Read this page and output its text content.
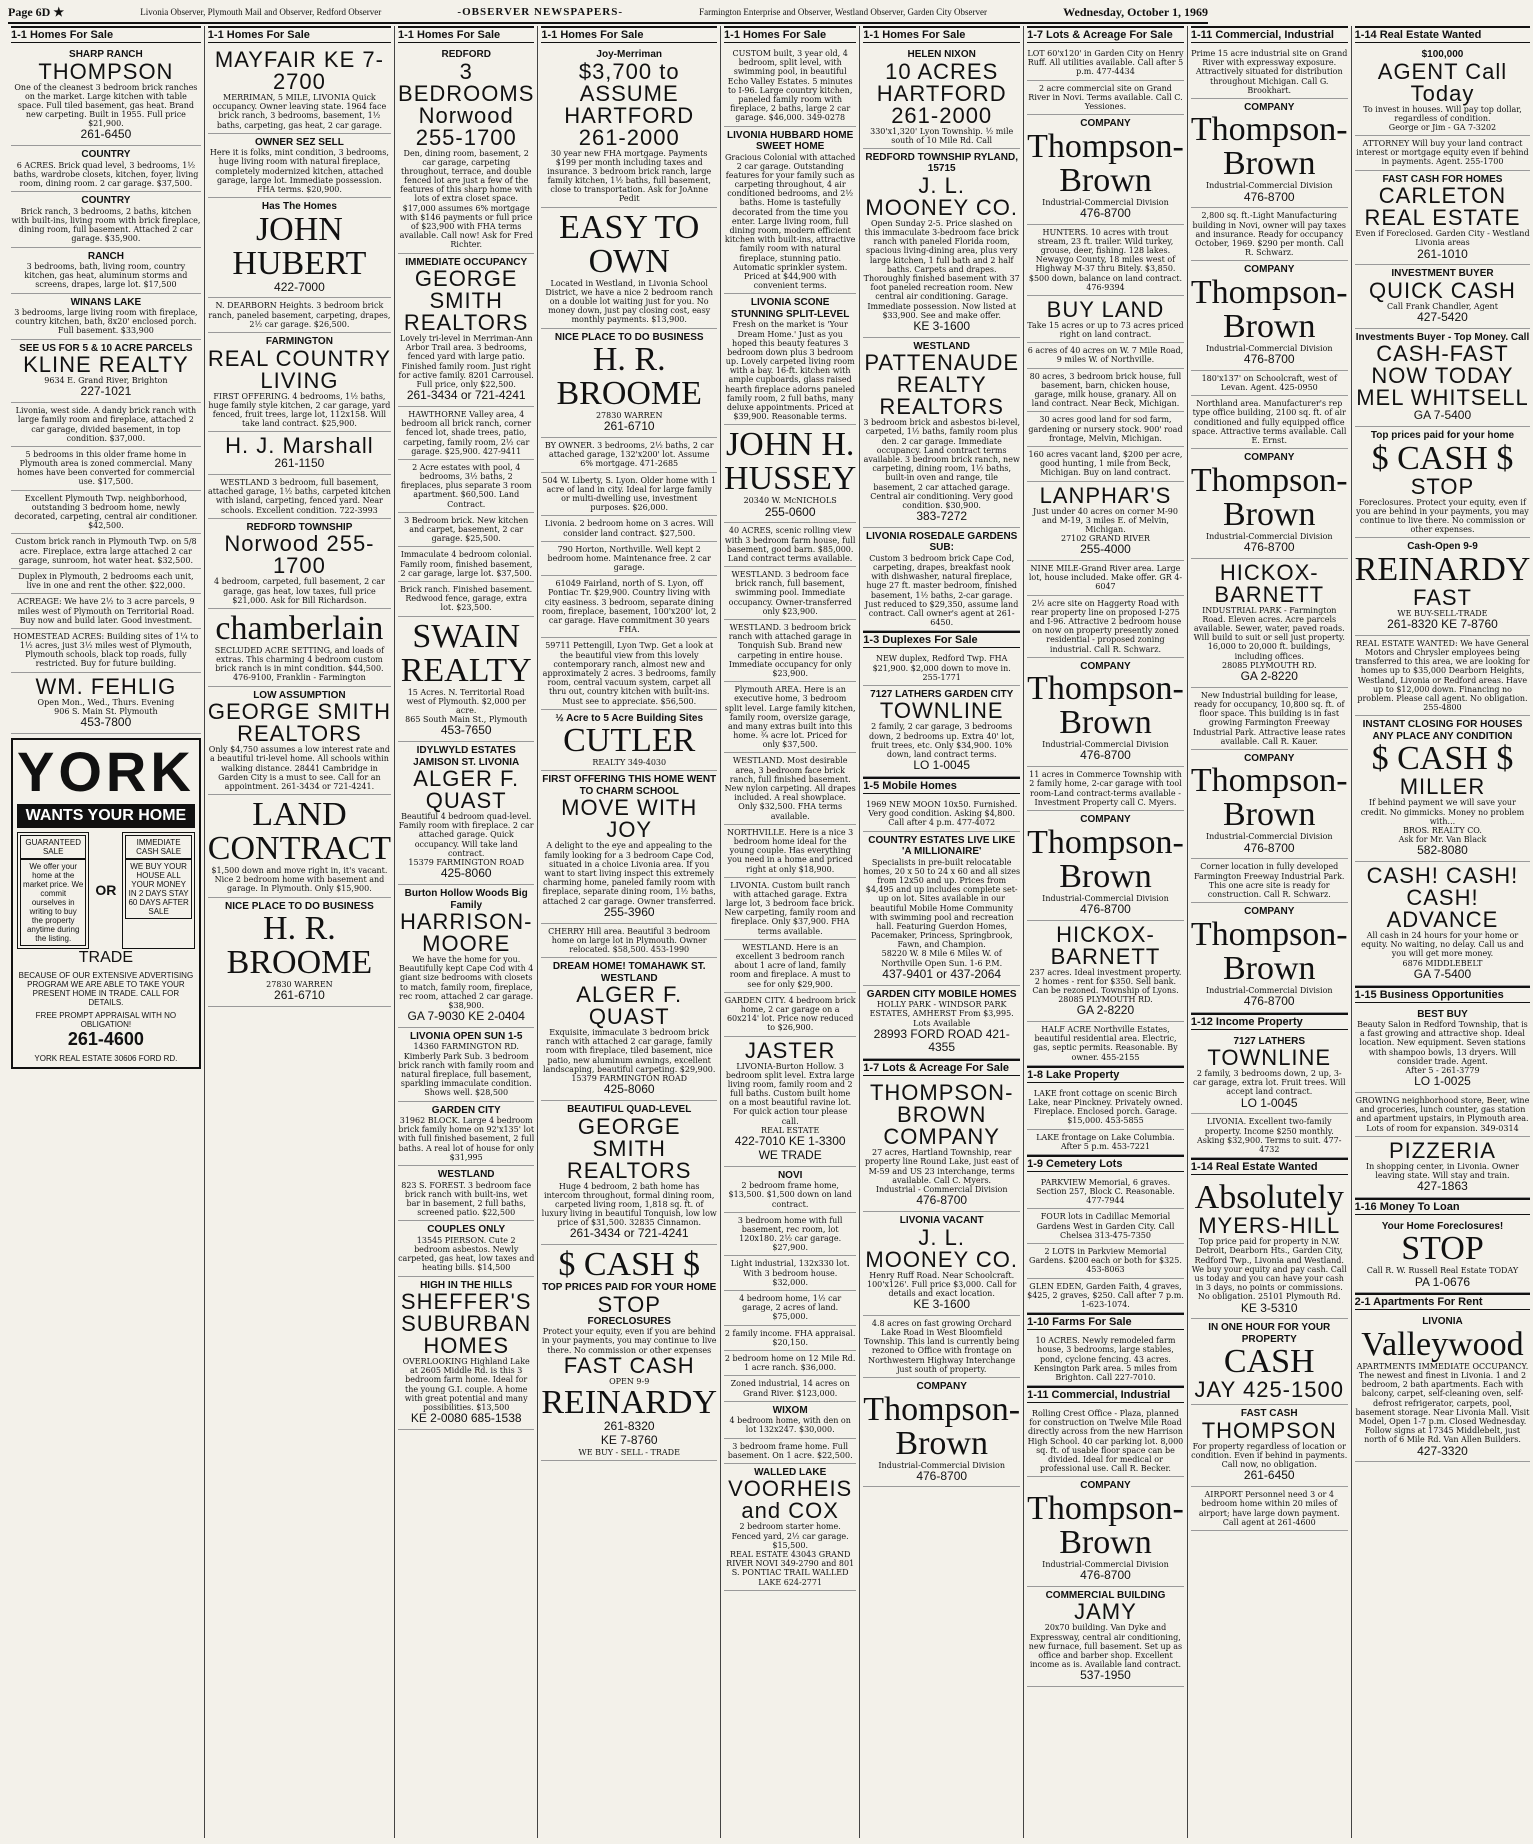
Page 6D ★	Livonia Observer, Plymouth Mail and Observer, Redford Observer	-OBSERVER NEWSPAPERS-	Farmington Enterprise and Observer, Westland Observer, Garden City Observer	Wednesday, October 1, 1969
1-1 Homes For Sale
SHARP RANCH
THOMPSON
One of the cleanest 3 bedroom brick ranches on the market. Large kitchen with table space. Full tiled basement, gas heat. Brand new carpeting. Built in 1955. Full price $21,900.
261-6450
COUNTRY
6 ACRES. Brick quad level, 3 bedrooms, 1½ baths, wardrobe closets, kitchen, foyer, living room, dining room. 2 car garage. $37,500.
COUNTRY
Brick ranch, 3 bedrooms, 2 baths, kitchen with built-ins, living room with brick fireplace, dining room, full basement. Attached 2 car garage. $35,900.
RANCH
3 bedrooms, bath, living room, country kitchen, gas heat, aluminum storms and screens, drapes, large lot. $17,500
WINANS LAKE
3 bedrooms, large living room with fireplace, country kitchen, bath, 8x20' enclosed porch. Full basement. $33,900
SEE US FOR 5 & 10 ACRE PARCELS
KLINE REALTY
9634 E. Grand River, Brighton
227-1021
Livonia, west side. A dandy brick ranch with large family room and fireplace, attached 2 car garage, divided basement, in top condition. $37,000.
5 bedrooms in this older frame home in Plymouth area is zoned commercial. Many homes have been converted for commercial use. $17,500.
Excellent Plymouth Twp. neighborhood, outstanding 3 bedroom home, newly decorated, carpeting, central air conditioner. $42,500.
Custom brick ranch in Plymouth Twp. on 5/8 acre. Fireplace, extra large attached 2 car garage, sunroom, hot water heat. $32,500.
Duplex in Plymouth, 2 bedrooms each unit, live in one and rent the other. $22,000.
ACREAGE: We have 2½ to 3 acre parcels, 9 miles west of Plymouth on Territorial Road. Buy now and build later. Good investment.
HOMESTEAD ACRES: Building sites of 1¼ to 1½ acres, just 3½ miles west of Plymouth, Plymouth schools, black top roads, fully restricted. Buy for future building.
WM. FEHLIG
Open Mon., Wed., Thurs. Evening
906 S. Main St. Plymouth
453-7800
YORK
WANTS YOUR HOME
GUARANTEED SALE
We offer your home at the market price. We commit ourselves in writing to buy the property anytime during the listing.
OR
IMMEDIATE CASH SALE
WE BUY YOUR HOUSE ALL YOUR MONEY IN 2 DAYS STAY 60 DAYS AFTER SALE
TRADE
BECAUSE OF OUR EXTENSIVE ADVERTISING PROGRAM WE ARE ABLE TO TAKE YOUR PRESENT HOME IN TRADE. CALL FOR DETAILS.
FREE PROMPT APPRAISAL WITH NO OBLIGATION!
261-4600
YORK REAL ESTATE 30606 FORD RD.
1-1 Homes For Sale
MAYFAIR KE 7-2700
MERRIMAN, 5 MILE, LIVONIA Quick occupancy. Owner leaving state. 1964 face brick ranch, 3 bedrooms, basement, 1½ baths, carpeting, gas heat, 2 car garage.
OWNER SEZ SELL
Here it is folks, mint condition, 3 bedrooms, huge living room with natural fireplace, completely modernized kitchen, attached garage, large lot. Immediate possession. FHA terms. $20,900.
Has The Homes
JOHN HUBERT
422-7000
N. DEARBORN Heights. 3 bedroom brick ranch, paneled basement, carpeting, drapes, 2½ car garage. $26,500.
FARMINGTON
REAL COUNTRY LIVING
FIRST OFFERING. 4 bedrooms, 1½ baths, huge family style kitchen, 2 car garage, yard fenced, fruit trees, large lot, 112x158. Will take land contract. $25,900.
H. J. Marshall
261-1150
WESTLAND 3 bedroom, full basement, attached garage, 1½ baths, carpeted kitchen with island, carpeting, fenced yard. Near schools. Excellent condition. 722-3993
REDFORD TOWNSHIP
Norwood 255-1700
4 bedroom, carpeted, full basement, 2 car garage, gas heat, low taxes, full price $21,000. Ask for Bill Richardson.
chamberlain
SECLUDED ACRE SETTING, and loads of extras. This charming 4 bedroom custom brick ranch is in mint condition. $44,500.
476-9100, Franklin - Farmington
LOW ASSUMPTION
GEORGE SMITH REALTORS
Only $4,750 assumes a low interest rate and a beautiful tri-level home. All schools within walking distance. 28441 Cambridge in Garden City is a must to see. Call for an appointment. 261-3434 or 721-4241.
LAND CONTRACT
$1,500 down and move right in, it's vacant. Nice 2 bedroom home with basement and garage. In Plymouth. Only $15,900.
NICE PLACE TO DO BUSINESS
H. R. BROOME
27830 WARREN
261-6710
1-1 Homes For Sale
REDFORD
3 BEDROOMS
Norwood 255-1700
Den, dining room, basement, 2 car garage, carpeting throughout, terrace, and double fenced lot are just a few of the features of this sharp home with lots of extra closet space. $17,000 assumes 6% mortgage with $146 payments or full price of $23,900 with FHA terms available. Call now! Ask for Fred Richter.
IMMEDIATE OCCUPANCY
GEORGE SMITH REALTORS
Lovely tri-level in Merriman-Ann Arbor Trail area. 3 bedrooms, fenced yard with large patio. Finished family room. Just right for active family. 8201 Carrousel. Full price, only $22,500.
261-3434 or 721-4241
HAWTHORNE Valley area, 4 bedroom all brick ranch, corner fenced lot, shade trees, patio, carpeting, family room, 2½ car garage. $25,900. 427-9411
2 Acre estates with pool, 4 bedrooms, 3½ baths, 2 fireplaces, plus separate 3 room apartment. $60,500. Land Contract.
3 Bedroom brick. New kitchen and carpet, basement, 2 car garage. $25,500.
Immaculate 4 bedroom colonial. Family room, finished basement, 2 car garage, large lot. $37,500.
Brick ranch. Finished basement. Redwood fence, garage, extra lot. $23,500.
SWAIN REALTY
15 Acres. N. Territorial Road west of Plymouth. $2,000 per acre.
865 South Main St., Plymouth
453-7650
IDYLWYLD ESTATES JAMISON ST. LIVONIA
ALGER F. QUAST
Beautiful 4 bedroom quad-level. Family room with fireplace. 2 car attached garage. Quick occupancy. Will take land contract.
15379 FARMINGTON ROAD
425-8060
Burton Hollow Woods Big Family
HARRISON-MOORE
We have the home for you. Beautifully kept Cape Cod with 4 giant size bedrooms with closets to match, family room, fireplace, rec room, attached 2 car garage. $38,900.
GA 7-9030 KE 2-0404
LIVONIA OPEN SUN 1-5
14360 FARMINGTON RD. Kimberly Park Sub. 3 bedroom brick ranch with family room and natural fireplace, full basement, sparkling immaculate condition. Shows well. $28,500
GARDEN CITY
31962 BLOCK. Large 4 bedroom brick family home on 92'x135' lot with full finished basement, 2 full baths. A real lot of house for only $31,995
WESTLAND
823 S. FOREST. 3 bedroom face brick ranch with built-ins, wet bar in basement, 2 full baths, screened patio. $22,500
COUPLES ONLY
13545 PIERSON. Cute 2 bedroom asbestos. Newly carpeted, gas heat, low taxes and heating bills. $14,500
HIGH IN THE HILLS
SHEFFER'S SUBURBAN HOMES
OVERLOOKING Highland Lake at 2605 Middle Rd. is this 3 bedroom farm home. Ideal for the young G.I. couple. A home with great potential and many possibilities. $13,500
KE 2-0080 685-1538
1-1 Homes For Sale
Joy-Merriman
$3,700 to ASSUME
HARTFORD 261-2000
30 year new FHA mortgage. Payments $199 per month including taxes and insurance. 3 bedroom brick ranch, large family kitchen, 1½ baths, full basement, close to transportation. Ask for JoAnne Pedit
EASY TO OWN
Located in Westland, in Livonia School District, we have a nice 2 bedroom ranch on a double lot waiting just for you. No money down, just pay closing cost, easy monthly payments. $13,900.
NICE PLACE TO DO BUSINESS
H. R. BROOME
27830 WARREN
261-6710
BY OWNER. 3 bedrooms, 2½ baths, 2 car attached garage, 132'x200' lot. Assume 6% mortgage. 471-2685
504 W. Liberty, S. Lyon. Older home with 1 acre of land in city. Ideal for large family or multi-dwelling use, investment purposes. $26,000.
Livonia. 2 bedroom home on 3 acres. Will consider land contract. $27,500.
790 Horton, Northville. Well kept 2 bedroom home. Maintenance free. 2 car garage.
61049 Fairland, north of S. Lyon, off Pontiac Tr. $29,900. Country living with city easiness. 3 bedroom, separate dining room, fireplace, basement, 100'x200' lot, 2 car garage. Have commitment 30 years FHA.
59711 Pettengill, Lyon Twp. Get a look at the beautiful view from this lovely contemporary ranch, almost new and approximately 2 acres. 3 bedrooms, family room, central vacuum system, carpet all thru out, country kitchen with built-ins. Must see to appreciate. $56,500.
½ Acre to 5 Acre Building Sites
CUTLER
REALTY 349-4030
FIRST OFFERING THIS HOME WENT TO CHARM SCHOOL
MOVE WITH JOY
A delight to the eye and appealing to the family looking for a 3 bedroom Cape Cod, situated in a choice Livonia area. If you want to start living inspect this extremely charming home, paneled family room with fireplace, separate dining room, 1½ baths, attached 2 car garage. Owner transferred.
255-3960
CHERRY Hill area. Beautiful 3 bedroom home on large lot in Plymouth. Owner relocated. $58,500. 453-1990
DREAM HOME! TOMAHAWK ST. WESTLAND
ALGER F. QUAST
Exquisite, immaculate 3 bedroom brick ranch with attached 2 car garage, family room with fireplace, tiled basement, nice patio, new aluminum awnings, excellent landscaping, beautiful carpeting. $29,900.
15379 FARMINGTON ROAD
425-8060
BEAUTIFUL QUAD-LEVEL
GEORGE SMITH REALTORS
Huge 4 bedroom, 2 bath home has intercom throughout, formal dining room, carpeted living room, 1,818 sq. ft. of luxury living in beautiful Tonquish, low low price of $31,500. 32835 Cinnamon.
261-3434 or 721-4241
$ CASH $
TOP PRICES PAID FOR YOUR HOME
STOP
FORECLOSURES
Protect your equity, even if you are behind in your payments, you may continue to live there. No commission or other expenses
FAST CASH
OPEN 9-9
REINARDY
261-8320
KE 7-8760
WE BUY - SELL - TRADE
1-1 Homes For Sale
CUSTOM built, 3 year old, 4 bedroom, split level, with swimming pool, in beautiful Echo Valley Estates. 5 minutes to I-96. Large country kitchen, paneled family room with fireplace, 2 baths, large 2 car garage. $46,000. 349-0278
LIVONIA HUBBARD HOME SWEET HOME
Gracious Colonial with attached 2 car garage. Outstanding features for your family such as carpeting throughout, 4 air conditioned bedrooms, and 2½ baths. Home is tastefully decorated from the time you enter. Large living room, full dining room, modern efficient kitchen with built-ins, attractive family room with natural fireplace, stunning patio. Automatic sprinkler system. Priced at $44,900 with convenient terms.
LIVONIA SCONE STUNNING SPLIT-LEVEL
Fresh on the market is 'Your Dream Home.' Just as you hoped this beauty features 3 bedroom down plus 3 bedroom up. Lovely carpeted living room with a bay. 16-ft. kitchen with ample cupboards, glass raised hearth fireplace adorns paneled family room, 2 full baths, many deluxe appointments. Priced at $39,900. Reasonable terms.
JOHN H. HUSSEY
20340 W. McNICHOLS
255-0600
40 ACRES, scenic rolling view with 3 bedroom farm house, full basement, good barn. $85,000. Land contract terms available.
WESTLAND. 3 bedroom face brick ranch, full basement, swimming pool. Immediate occupancy. Owner-transferred only $23,900.
WESTLAND. 3 bedroom brick ranch with attached garage in Tonquish Sub. Brand new carpeting in entire house. Immediate occupancy for only $23,900.
Plymouth AREA. Here is an executive home, 3 bedroom split level. Large family kitchen, family room, oversize garage, and many extras built into this home. ¾ acre lot. Priced for only $37,500.
WESTLAND. Most desirable area, 3 bedroom face brick ranch, full finished basement. New nylon carpeting. All drapes included. A real showplace. Only $32,500. FHA terms available.
NORTHVILLE. Here is a nice 3 bedroom home ideal for the young couple. Has everything you need in a home and priced right at only $18,900.
LIVONIA. Custom built ranch with attached garage. Extra large lot, 3 bedroom face brick. New carpeting, family room and fireplace. Only $37,900. FHA terms available.
WESTLAND. Here is an excellent 3 bedroom ranch about 1 acre of land, family room and fireplace. A must to see for only $29,900.
GARDEN CITY. 4 bedroom brick home, 2 car garage on a 60x214' lot. Price now reduced to $26,900.
JASTER
LIVONIA-Burton Hollow. 3 bedroom split level. Extra large living room, family room and 2 full baths. Custom built home on a most beautiful ravine lot. For quick action tour please call.
REAL ESTATE
422-7010 KE 1-3300 WE TRADE
NOVI
2 bedroom frame home, $13,500. $1,500 down on land contract.
3 bedroom home with full basement, rec room, lot 120x180. 2½ car garage. $27,900.
Light industrial, 132x330 lot. With 3 bedroom house. $32,000.
4 bedroom home, 1½ car garage, 2 acres of land. $75,000.
2 family income. FHA appraisal. $20,150.
2 bedroom home on 12 Mile Rd. 1 acre ranch. $36,000.
Zoned industrial, 14 acres on Grand River. $123,000.
WIXOM
4 bedroom home, with den on lot 132x247. $30,000.
3 bedroom frame home. Full basement. On 1 acre. $22,500.
WALLED LAKE
VOORHEIS and COX
2 bedroom starter home. Fenced yard, 2½ car garage. $15,500.
REAL ESTATE 43043 GRAND RIVER NOVI 349-2790 and 801 S. PONTIAC TRAIL WALLED LAKE 624-2771
1-1 Homes For Sale
HELEN NIXON
10 ACRES
HARTFORD 261-2000
330'x1,320' Lyon Township. ½ mile south of 10 Mile Rd. Call
REDFORD TOWNSHIP RYLAND, 15715
J. L. MOONEY CO.
Open Sunday 2-5. Price slashed on this immaculate 3-bedroom face brick ranch with paneled Florida room, spacious living-dining area, plus very large kitchen, 1 full bath and 2 half baths. Carpets and drapes. Thoroughly finished basement with 37 foot paneled recreation room. New central air conditioning. Garage. Immediate possession. Now listed at $33,900. See and make offer.
KE 3-1600
WESTLAND
PATTENAUDE REALTY REALTORS
3 bedroom brick and asbestos bi-level, carpeted, 1½ baths, family room plus den. 2 car garage. Immediate occupancy. Land contract terms available. 3 bedroom brick ranch, new carpeting, dining room, 1½ baths, built-in oven and range, tile basement, 2 car attached garage. Central air conditioning. Very good condition. $30,900.
383-7272
LIVONIA ROSEDALE GARDENS SUB:
Custom 3 bedroom brick Cape Cod, carpeting, drapes, breakfast nook with dishwasher, natural fireplace, huge 27 ft. master bedroom, finished basement, 1½ baths, 2-car garage. Just reduced to $29,350, assume land contract. Call owner's agent at 261-6450.
1-3 Duplexes For Sale
NEW duplex, Redford Twp. FHA $21,900. $2,000 down to move in. 255-1771
7127 LATHERS GARDEN CITY
TOWNLINE
2 family, 2 car garage, 3 bedrooms down, 2 bedrooms up. Extra 40' lot, fruit trees, etc. Only $34,900. 10% down, land contract terms.
LO 1-0045
1-5 Mobile Homes
1969 NEW MOON 10x50. Furnished. Very good condition. Asking $4,800. Call after 4 p.m. 477-4072
COUNTRY ESTATES LIVE LIKE 'A MILLIONAIRE'
Specialists in pre-built relocatable homes, 20 x 50 to 24 x 60 and all sizes from 12x50 and up. Prices from $4,495 and up includes complete set-up on lot. Sites available in our beautiful Mobile Home Community with swimming pool and recreation hall. Featuring Guerdon Homes, Pacemaker, Princess, Springbrook, Fawn, and Champion.
58220 W. 8 Mile 6 Miles W. of Northville Open Sun. 1-6 P.M.
437-9401 or 437-2064
GARDEN CITY MOBILE HOMES
HOLLY PARK - WINDSOR PARK ESTATES, AMHERST From $3,995. Lots Available
28993 FORD ROAD 421-4355
1-7 Lots & Acreage For Sale
THOMPSON-BROWN COMPANY
27 acres, Hartland Township, rear property line Round Lake, just east of M-59 and US 23 interchange, terms available. Call C. Myers.
Industrial - Commercial Division
476-8700
LIVONIA VACANT
J. L. MOONEY CO.
Henry Ruff Road. Near Schoolcraft. 100'x126'. Full price $3,000. Call for details and exact location.
KE 3-1600
4.8 acres on fast growing Orchard Lake Road in West Bloomfield Township. This land is currently being rezoned to Office with frontage on Northwestern Highway Interchange just south of property.
COMPANY
Thompson-Brown
Industrial-Commercial Division
476-8700
1-7 Lots & Acreage For Sale
LOT 60'x120' in Garden City on Henry Ruff. All utilities available. Call after 5 p.m. 477-4434
2 acre commercial site on Grand River in Novi. Terms available. Call C. Yessiones.
COMPANY
Thompson-Brown
Industrial-Commercial Division
476-8700
HUNTERS. 10 acres with trout stream, 23 ft. trailer. Wild turkey, grouse, deer, fishing. 128 lakes. Newaygo County, 18 miles west of Highway M-37 thru Bitely. $3,850. $500 down, balance on land contract. 476-9394
BUY LAND
Take 15 acres or up to 73 acres priced right on land contract.
6 acres of 40 acres on W. 7 Mile Road, 9 miles W. of Northville.
80 acres, 3 bedroom brick house, full basement, barn, chicken house, garage, milk house, granary. All on land contract. Near Beck, Michigan.
30 acres good land for sod farm, gardening or nursery stock. 900' road frontage, Melvin, Michigan.
160 acres vacant land, $200 per acre, good hunting, 1 mile from Beck, Michigan. Buy on land contract.
LANPHAR'S
Just under 40 acres on corner M-90 and M-19, 3 miles E. of Melvin, Michigan.
27102 GRAND RIVER
255-4000
NINE MILE-Grand River area. Large lot, house included. Make offer. GR 4-6047
2½ acre site on Haggerty Road with rear property line on proposed I-275 and I-96. Attractive 2 bedroom house on now on property presently zoned residential - proposed zoning industrial. Call R. Schwarz.
COMPANY
Thompson-Brown
Industrial-Commercial Division
476-8700
11 acres in Commerce Township with 2 family home, 2-car garage with tool room-Land contract-terms available - Investment Property call C. Myers.
COMPANY
Thompson-Brown
Industrial-Commercial Division
476-8700
HICKOX-BARNETT
237 acres. Ideal investment property. 2 homes - rent for $350. Sell bank. Can be rezoned. Township of Lyons.
28085 PLYMOUTH RD.
GA 2-8220
HALF ACRE Northville Estates, beautiful residential area. Electric, gas, septic permits. Reasonable. By owner. 455-2155
1-8 Lake Property
LAKE front cottage on scenic Birch Lake, near Pinckney. Privately owned. Fireplace. Enclosed porch. Garage. $15,000. 453-5855
LAKE frontage on Lake Columbia. After 5 p.m. 453-7221
1-9 Cemetery Lots
PARKVIEW Memorial, 6 graves. Section 257, Block C. Reasonable. 477-7944
FOUR lots in Cadillac Memorial Gardens West in Garden City. Call Chelsea 313-475-7350
2 LOTS in Parkview Memorial Gardens. $200 each or both for $325. 453-8063
GLEN EDEN, Garden Faith, 4 graves, $425, 2 graves, $250. Call after 7 p.m. 1-623-1074.
1-10 Farms For Sale
10 ACRES. Newly remodeled farm house, 3 bedrooms, large stables, pond, cyclone fencing. 43 acres. Kensington Park area. 5 miles from Brighton. Call 227-7010.
1-11 Commercial, Industrial
Rolling Crest Office - Plaza, planned for construction on Twelve Mile Road directly across from the new Harrison High School. 40 car parking lot. 8,000 sq. ft. of usable floor space can be divided. Ideal for medical or professional use. Call R. Becker.
COMPANY
Thompson-Brown
Industrial-Commercial Division
476-8700
COMMERCIAL BUILDING
JAMY
20x70 building. Van Dyke and Expressway, central air conditioning, new furnace, full basement. Set up as office and barber shop. Excellent income as is. Available land contract.
537-1950
1-11 Commercial, Industrial
Prime 15 acre industrial site on Grand River with expressway exposure. Attractively situated for distribution throughout Michigan. Call G. Brookhart.
COMPANY
Thompson-Brown
Industrial-Commercial Division
476-8700
2,800 sq. ft.-Light Manufacturing building in Novi, owner will pay taxes and insurance. Ready for occupancy October, 1969. $290 per month. Call R. Schwarz.
COMPANY
Thompson-Brown
Industrial-Commercial Division
476-8700
180'x137' on Schoolcraft, west of Levan. Agent. 425-0950
Northland area. Manufacturer's rep type office building, 2100 sq. ft. of air conditioned and fully equipped office space. Attractive terms available. Call E. Ernst.
COMPANY
Thompson-Brown
Industrial-Commercial Division
476-8700
HICKOX-BARNETT
INDUSTRIAL PARK - Farmington Road. Eleven acres. Acre parcels available. Sewer, water, paved roads. Will build to suit or sell just property. 16,000 to 20,000 ft. buildings, including offices.
28085 PLYMOUTH RD.
GA 2-8220
New Industrial building for lease, ready for occupancy, 10,800 sq. ft. of floor space. This building is in fast growing Farmington Freeway Industrial Park. Attractive lease rates available. Call R. Kauer.
COMPANY
Thompson-Brown
Industrial-Commercial Division
476-8700
Corner location in fully developed Farmington Freeway Industrial Park. This one acre site is ready for construction. Call R. Schwarz.
COMPANY
Thompson-Brown
Industrial-Commercial Division
476-8700
1-12 Income Property
7127 LATHERS
TOWNLINE
2 family, 3 bedrooms down, 2 up, 3-car garage, extra lot. Fruit trees. Will accept land contract.
LO 1-0045
LIVONIA. Excellent two-family property. Income $250 monthly. Asking $32,900. Terms to suit. 477-4732
1-14 Real Estate Wanted
Absolutely
MYERS-HILL
Top price paid for property in N.W. Detroit, Dearborn Hts., Garden City, Redford Twp., Livonia and Westland. We buy your equity and pay cash. Call us today and you can have your cash in 3 days, no points or commissions. No obligation. 25101 Plymouth Rd.
KE 3-5310
IN ONE HOUR FOR YOUR PROPERTY
CASH
JAY 425-1500
FAST CASH
THOMPSON
For property regardless of location or condition. Even if behind in payments. Call now, no obligation.
261-6450
AIRPORT Personnel need 3 or 4 bedroom home within 20 miles of airport; have large down payment. Call agent at 261-4600
1-14 Real Estate Wanted
$100,000
AGENT Call Today
To invest in houses. Will pay top dollar, regardless of condition.
George or Jim - GA 7-3202
ATTORNEY Will buy your land contract interest or mortgage equity even if behind in payments. Agent. 255-1700
FAST CASH FOR HOMES
CARLETON REAL ESTATE
Even if Foreclosed. Garden City - Westland Livonia areas
261-1010
INVESTMENT BUYER
QUICK CASH
Call Frank Chandler, Agent
427-5420
Investments Buyer - Top Money. Call
CASH-FAST NOW TODAY
MEL WHITSELL
GA 7-5400
Top prices paid for your home
$ CASH $
STOP
Foreclosures. Protect your equity, even if you are behind in your payments, you may continue to live there. No commission or other expenses.
Cash-Open 9-9
REINARDY
FAST
WE BUY-SELL-TRADE
261-8320 KE 7-8760
REAL ESTATE WANTED: We have General Motors and Chrysler employees being transferred to this area, we are looking for homes up to $35,000 Dearborn Heights, Westland, Livonia or Redford areas. Have up to $12,000 down. Financing no problem. Please call agent. No obligation. 255-4800
INSTANT CLOSING FOR HOUSES ANY PLACE ANY CONDITION
$ CASH $
MILLER
If behind payment we will save your credit. No gimmicks. Money no problem with...
BROS. REALTY CO.
Ask for Mr. Van Black
582-8080
CASH! CASH! CASH!
ADVANCE
All cash in 24 hours for your home or equity. No waiting, no delay. Call us and you will get more money.
6876 MIDDLEBELT
GA 7-5400
1-15 Business Opportunities
BEST BUY
Beauty Salon in Redford Township, that is a fast growing and attractive shop. Ideal location. New equipment. Seven stations with shampoo bowls, 13 dryers. Will consider trade. Agent.
After 5 - 261-3779
LO 1-0025
GROWING neighborhood store, Beer, wine and groceries, lunch counter, gas station and apartment upstairs, in Plymouth area. Lots of room for expansion. 349-0314
PIZZERIA
In shopping center, in Livonia. Owner leaving state. Will stay and train.
427-1863
1-16 Money To Loan
Your Home Foreclosures!
STOP
Call R. W. Russell Real Estate TODAY
PA 1-0676
2-1 Apartments For Rent
LIVONIA
Valleywood
APARTMENTS IMMEDIATE OCCUPANCY. The newest and finest in Livonia. 1 and 2 bedroom, 2 bath apartments. Each with balcony, carpet, self-cleaning oven, self-defrost refrigerator, carpets, pool, basement storage. Near Livonia Mall. Visit Model, Open 1-7 p.m. Closed Wednesday. Follow signs at 17345 Middlebelt, just north of 6 Mile Rd. Van Allen Builders.
427-3320
